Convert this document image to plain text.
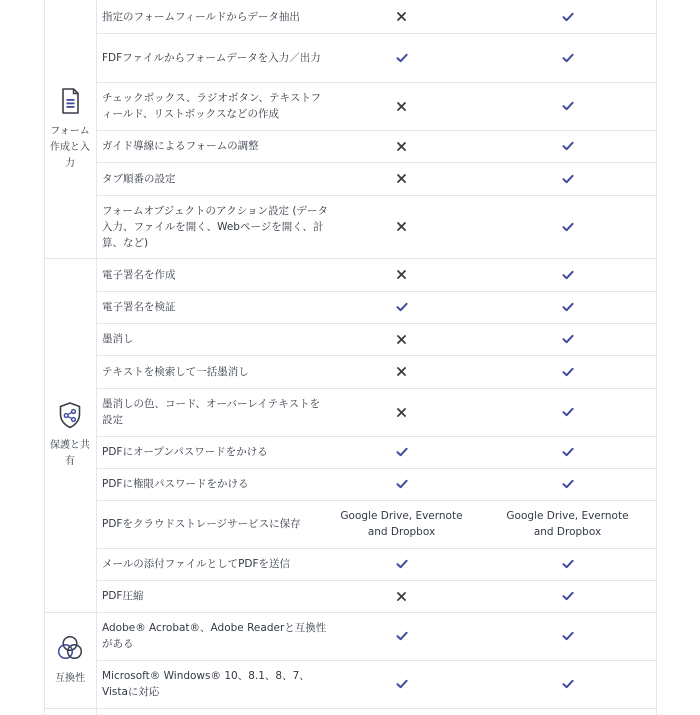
指定のフォームフィールドからデータ抽出
FDFファイルからフォームデータを入力／出力
チェックボックス、ラジオボタン、テキストフィールド、リストボックスなどの作成
ガイド導線によるフォームの調整
タブ順番の設定
フォームオブジェクトのアクション設定 (データ入力、ファイルを開く、Webページを開く、計算、など)
電子署名を作成
電子署名を検証
墨消し
テキストを検索して一括墨消し
墨消しの色、コード、オーバーレイテキストを設定
PDFにオープンパスワードをかける
PDFに権限パスワードをかける
PDFをクラウドストレージサービスに保存
Google Drive, Evernote and Dropbox
Google Drive, Evernote and Dropbox
メールの添付ファイルとしてPDFを送信
PDF圧縮
Adobe® Acrobat®、Adobe Readerと互換性がある
Microsoft® Windows® 10、8.1、8、7、Vistaに対応
フォーム作成と入力
保護と共有
互換性
